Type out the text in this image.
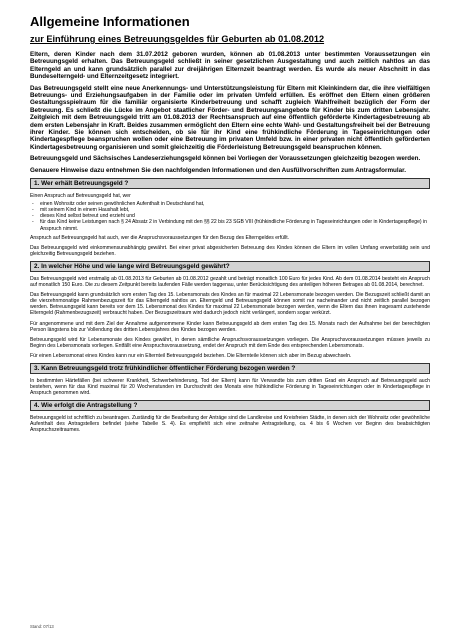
Allgemeine Informationen
zur Einführung eines Betreuungsgeldes für Geburten ab 01.08.2012

Eltern, deren Kinder nach dem 31.07.2012 geboren wurden, können ab 01.08.2013 unter bestimmten Voraussetzungen ein Betreuungsgeld erhalten. Das Betreuungsgeld schließt in seiner gesetzlichen Ausgestaltung und auch zeitlich nahtlos an das Elterngeld an und kann grundsätzlich parallel zur dreijährigen Elternzeit beantragt werden. Es wurde als neuer Abschnitt in das Bundeselterngeld- und Elternzeitgesetz integriert.

Das Betreuungsgeld stellt eine neue Anerkennungs- und Unterstützungsleistung für Eltern mit Kleinkindern dar, die ihre vielfältigen Betreuungs- und Erziehungsaufgaben in der Familie oder im privaten Umfeld erfüllen. Es eröffnet den Eltern einen größeren Gestaltungsspielraum für die familiär organisierte Kinderbetreuung und schafft zugleich Wahlfreiheit bezüglich der Form der Betreuung. Es schließt die Lücke im Angebot staatlicher Förder- und Betreuungsangebote für Kinder bis zum dritten Lebensjahr. Zeitgleich mit dem Betreuungsgeld tritt am 01.08.2013 der Rechtsanspruch auf eine öffentlich geförderte Kindertagesbetreuung ab dem ersten Lebensjahr in Kraft. Beides zusammen ermöglicht den Eltern eine echte Wahl- und Gestaltungsfreiheit bei der Betreuung ihrer Kinder. Sie können sich entscheiden, ob sie für ihr Kind eine frühkindliche Förderung in Tageseinrichtungen oder Kindertagespflege beanspruchen wollen oder eine Betreuung im privaten Umfeld bzw. in einer privaten nicht öffentlich geförderten Kindertagesbetreuung organisieren und somit gleichzeitig die Förderleistung Betreuungsgeld beanspruchen können.

Betreuungsgeld und Sächsisches Landeserziehungsgeld können bei Vorliegen der Voraussetzungen gleichzeitig bezogen werden.

Genauere Hinweise dazu entnehmen Sie den nachfolgenden Informationen und den Ausfüllvorschriften zum Antragsformular.

1. Wer erhält Betreuungsgeld ?

Einen Anspruch auf Betreuungsgeld hat, wer

- einen Wohnsitz oder seinen gewöhnlichen Aufenthalt in Deutschland hat,
- mit seinem Kind in einem Haushalt lebt,
- dieses Kind selbst betreut und erzieht und
- für das Kind keine Leistungen nach § 24 Absatz 2 in Verbindung mit den §§ 22 bis 23 SGB VIII (frühkindliche Förderung in Tageseinrichtungen oder in Kindertagespflege) in Anspruch nimmt.

Anspruch auf Betreuungsgeld hat auch, wer die Anspruchsvoraussetzungen für den Bezug des Elterngeldes erfüllt.

Das Betreuungsgeld wird einkommensunabhängig gewährt. Bei einer privat abgesicherten Betreuung des Kindes können die Eltern im vollen Umfang erwerbstätig sein und gleichzeitig Betreuungsgeld beziehen.

2. In welcher Höhe und wie lange wird Betreuungsgeld gewährt?

Das Betreuungsgeld wird erstmalig ab 01.08.2013 für Geburten ab 01.08.2012 gezahlt und beträgt monatlich 100 Euro für jedes Kind. Ab dem 01.08.2014 besteht ein Anspruch auf monatlich 150 Euro. Die zu diesem Zeitpunkt bereits laufenden Fälle werden taggenau, unter Berücksichtigung des anteiligen höheren Betrages ab 01.08.2014, berechnet.

Das Betreuungsgeld kann grundsätzlich vom ersten Tag des 15. Lebensmonats des Kindes an für maximal 22 Lebensmonate bezogen werden. Die Bezugszeit schließt damit an die vierzehnmonatige Rahmenbezugszeit für das Elterngeld nahtlos an. Elterngeld und Betreuungsgeld können somit nur nacheinander und nicht zeitlich parallel bezogen werden. Betreuungsgeld kann bereits vor dem 15. Lebensmonat des Kindes für maximal 22 Lebensmonate bezogen werden, wenn die Eltern das ihnen insgesamt zustehende Elterngeld (Rahmenbezugszeit) verbraucht haben. Der Bezugszeitraum wird dadurch jedoch nicht verlängert, sondern sogar verkürzt.

Für angenommene und mit dem Ziel der Annahme aufgenommene Kinder kann Betreuungsgeld ab dem ersten Tag des 15. Monats nach der Aufnahme bei der berechtigten Person längstens bis zur Vollendung des dritten Lebensjahres des Kindes bezogen werden.

Betreuungsgeld wird für Lebensmonate des Kindes gewährt, in denen sämtliche Anspruchsvoraussetzungen vorliegen. Die Anspruchsvoraussetzungen müssen jeweils zu Beginn des Lebensmonats vorliegen. Entfällt eine Anspruchsvoraussetzung, endet der Anspruch mit dem Ende des entsprechenden Lebensmonats.

Für einen Lebensmonat eines Kindes kann nur ein Elternteil Betreuungsgeld beziehen. Die Elternteile können sich aber im Bezug abwechseln.

3. Kann Betreuungsgeld trotz frühkindlicher öffentlicher Förderung bezogen werden ?

In bestimmten Härtefällen (bei schwerer Krankheit, Schwerbehinderung, Tod der Eltern) kann für Verwandte bis zum dritten Grad ein Anspruch auf Betreuungsgeld auch bestehen, wenn für das Kind maximal für 20 Wochenstunden im Durchschnitt des Monats eine frühkindliche Förderung in Tageseinrichtungen oder in Kindertagespflege in Anspruch genommen wird.

4. Wie erfolgt die Antragstellung ?

Betreuungsgeld ist schriftlich zu beantragen. Zuständig für die Bearbeitung der Anträge sind die Landkreise und Kreisfreien Städte, in denen sich der Wohnsitz oder gewöhnliche Aufenthalt des Antragstellers befindet (siehe Tabelle S. 4). Es empfiehlt sich eine zeitnahe Antragstellung, ca. 4 bis 6 Wochen vor Beginn des beabsichtigten Anspruchszeitraumes.

Stand: 07/13
